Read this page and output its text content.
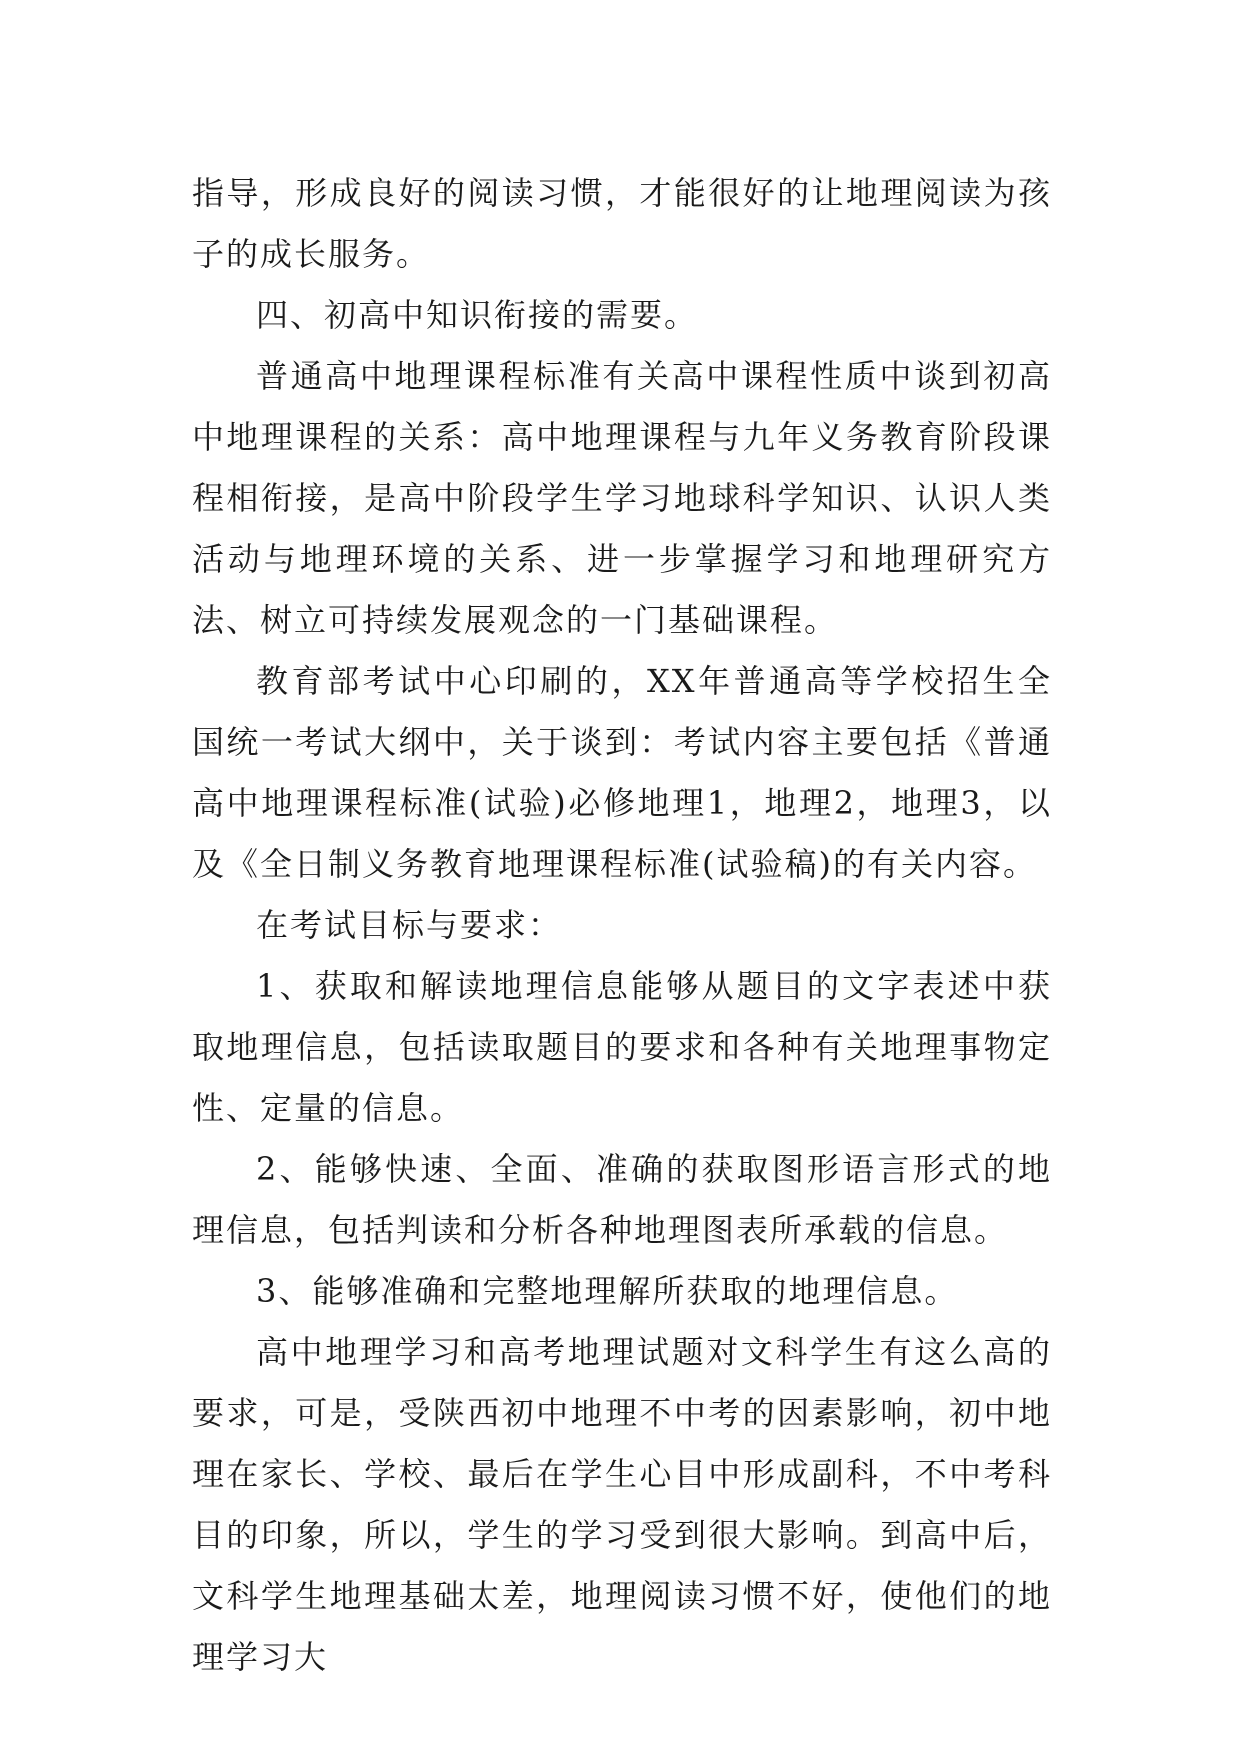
指导，形成良好的阅读习惯，才能很好的让地理阅读为孩子的成长服务。

四、初高中知识衔接的需要。

普通高中地理课程标准有关高中课程性质中谈到初高中地理课程的关系：高中地理课程与九年义务教育阶段课程相衔接，是高中阶段学生学习地球科学知识、认识人类活动与地理环境的关系、进一步掌握学习和地理研究方法、树立可持续发展观念的一门基础课程。

教育部考试中心印刷的，XX年普通高等学校招生全国统一考试大纲中，关于谈到：考试内容主要包括《普通高中地理课程标准(试验)必修地理1，地理2，地理3，以及《全日制义务教育地理课程标准(试验稿)的有关内容。

在考试目标与要求：

1、获取和解读地理信息能够从题目的文字表述中获取地理信息，包括读取题目的要求和各种有关地理事物定性、定量的信息。

2、能够快速、全面、准确的获取图形语言形式的地理信息，包括判读和分析各种地理图表所承载的信息。

3、能够准确和完整地理解所获取的地理信息。

高中地理学习和高考地理试题对文科学生有这么高的要求，可是，受陕西初中地理不中考的因素影响，初中地理在家长、学校、最后在学生心目中形成副科，不中考科目的印象，所以，学生的学习受到很大影响。到高中后，文科学生地理基础太差，地理阅读习惯不好，使他们的地理学习大
